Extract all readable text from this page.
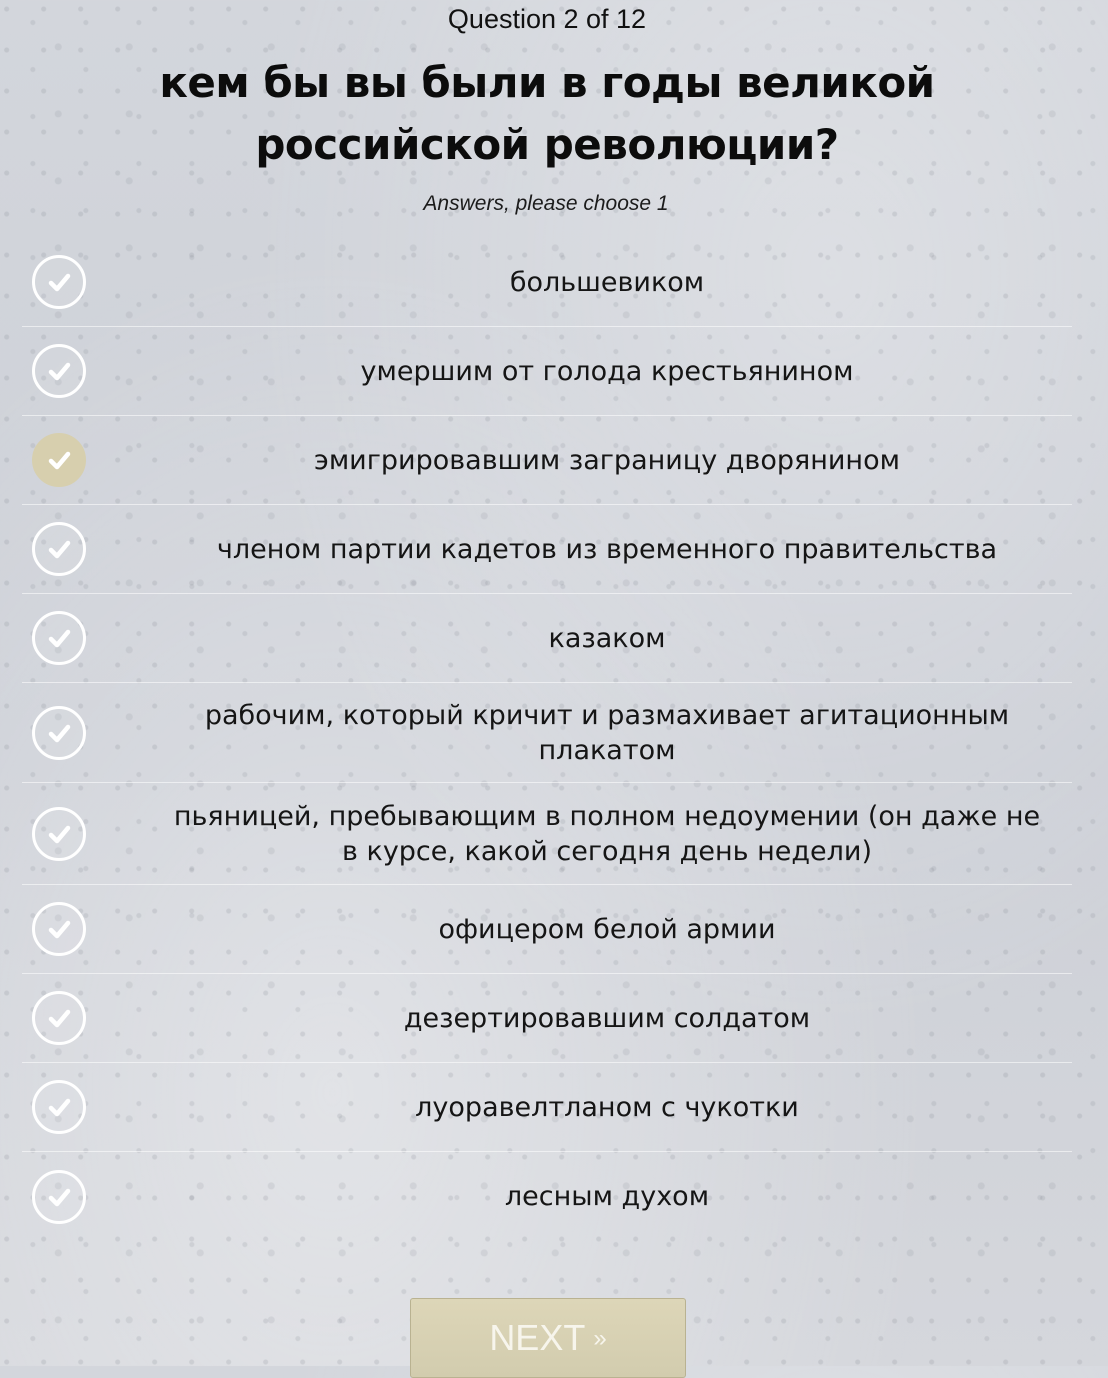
Question 2 of 12
кем бы вы были в годы великой российской революции?
Answers, please choose 1
большевиком
умершим от голода крестьянином
эмигрировавшим заграницу дворянином
членом партии кадетов из временного правительства
казаком
рабочим, который кричит и размахивает агитационным плакатом
пьяницей, пребывающим в полном недоумении (он даже не в курсе, какой сегодня день недели)
офицером белой армии
дезертировавшим солдатом
луоравелтланом с чукотки
лесным духом
NEXT »
